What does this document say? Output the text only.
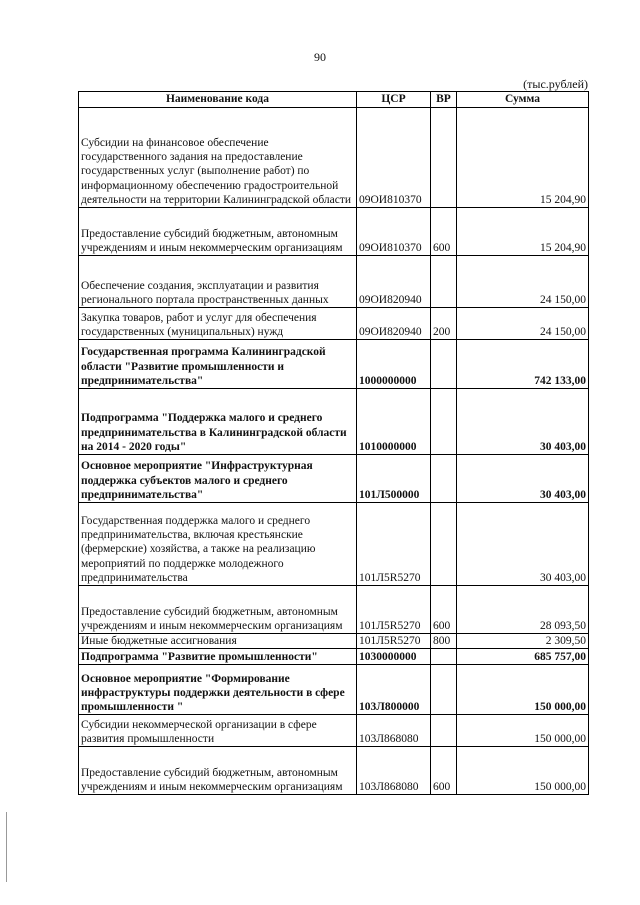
90
(тыс.рублей)
Наименование кода	ЦСР	ВР	Сумма
Субсидии на финансовое обеспечение государственного задания на предоставление государственных услуг (выполнение работ) по информационному обеспечению градостроительной деятельности на территории Калининградской области	09ОИ810370		15 204,90
Предоставление субсидий бюджетным, автономным учреждениям и иным некоммерческим организациям	09ОИ810370	600	15 204,90
Обеспечение создания, эксплуатации и развития регионального портала пространственных данных	09ОИ820940		24 150,00
Закупка товаров, работ и услуг для обеспечения государственных (муниципальных) нужд	09ОИ820940	200	24 150,00
Государственная программа Калининградской области "Развитие промышленности и предпринимательства"	1000000000		742 133,00
Подпрограмма "Поддержка малого и среднего предпринимательства в Калининградской области на 2014 - 2020 годы"	1010000000		30 403,00
Основное мероприятие "Инфраструктурная поддержка субъектов малого и среднего предпринимательства"	101Л500000		30 403,00
Государственная поддержка малого и среднего предпринимательства, включая крестьянские (фермерские) хозяйства, а также на реализацию мероприятий по поддержке молодежного предпринимательства	101Л5R5270		30 403,00
Предоставление субсидий бюджетным, автономным учреждениям и иным некоммерческим организациям	101Л5R5270	600	28 093,50
Иные бюджетные ассигнования	101Л5R5270	800	2 309,50
Подпрограмма "Развитие промышленности"	1030000000		685 757,00
Основное мероприятие "Формирование инфраструктуры поддержки деятельности в сфере промышленности "	103Л800000		150 000,00
Субсидии некоммерческой организации в сфере развития промышленности	103Л868080		150 000,00
Предоставление субсидий бюджетным, автономным учреждениям и иным некоммерческим организациям	103Л868080	600	150 000,00
